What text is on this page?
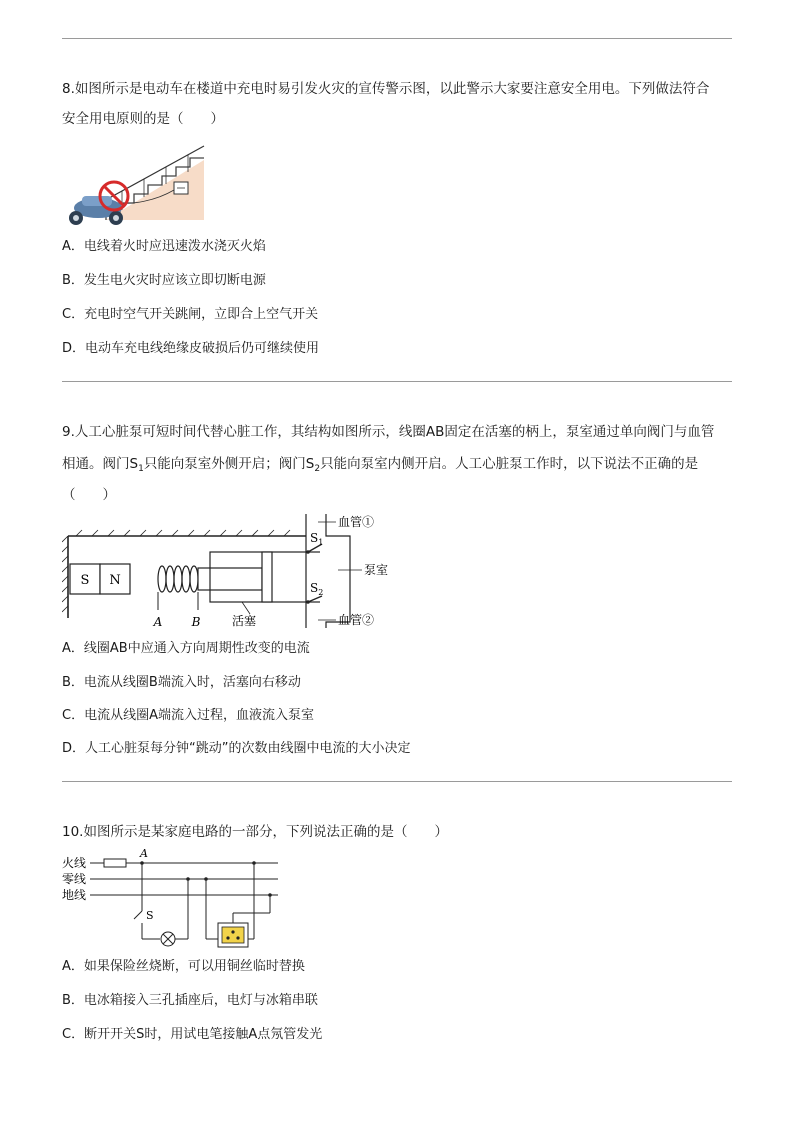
8.如图所示是电动车在楼道中充电时易引发火灾的宣传警示图，以此警示大家要注意安全用电。下列做法符合
安全用电原则的是（　　）
A．电线着火时应迅速泼水浇灭火焰
B．发生电火灾时应该立即切断电源
C．充电时空气开关跳闸，立即合上空气开关
D．电动车充电线绝缘皮破损后仍可继续使用
9.人工心脏泵可短时间代替心脏工作，其结构如图所示，线圈AB固定在活塞的柄上，泵室通过单向阀门与血管
相通。阀门$S_1$只能向泵室外侧开启；阀门$S_2$只能向泵室内侧开启。人工心脏泵工作时，以下说法不正确的是
（　　）
S N
A B	活塞
$S_1$
$S_2$
血管①
泵室
血管②
A．线圈AB中应通入方向周期性改变的电流
B．电流从线圈B端流入时，活塞向右移动
C．电流从线圈A端流入过程，血液流入泵室
D．人工心脏泵每分钟“跳动”的次数由线圈中电流的大小决定
10.如图所示是某家庭电路的一部分，下列说法正确的是（　　）
火线
零线
地线
A
S
A．如果保险丝烧断，可以用铜丝临时替换
B．电冰箱接入三孔插座后，电灯与冰箱串联
C．断开开关S时，用试电笔接触A点氖管发光
